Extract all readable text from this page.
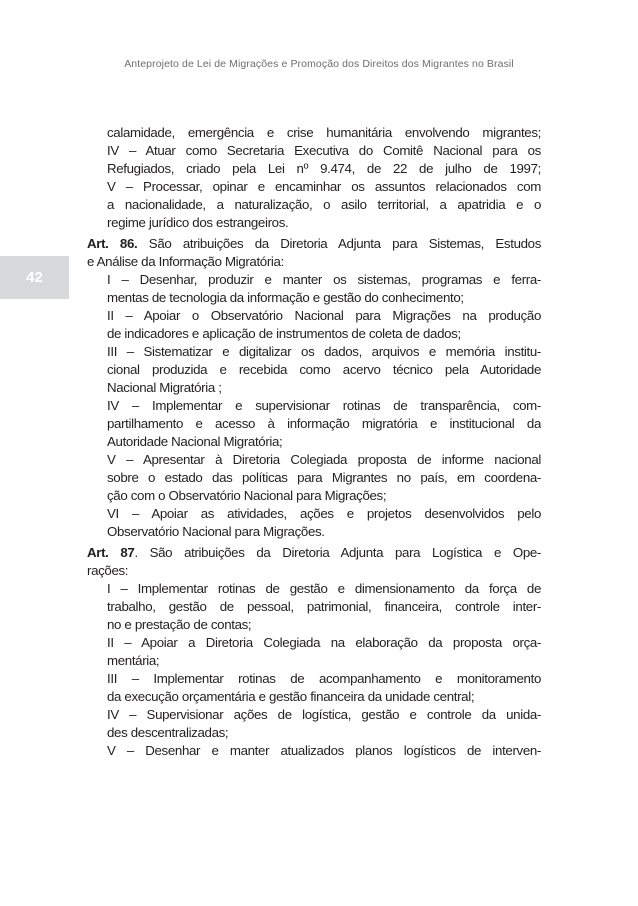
Anteprojeto de Lei de Migrações e Promoção dos Direitos dos Migrantes no Brasil
42
calamidade, emergência e crise humanitária envolvendo migrantes;
IV – Atuar como Secretaria Executiva do Comitê Nacional para os
Refugiados, criado pela Lei nº 9.474, de 22 de julho de 1997;
V – Processar, opinar e encaminhar os assuntos relacionados com
a nacionalidade, a naturalização, o asilo territorial, a apatridia e o
regime jurídico dos estrangeiros.
Art. 86. São atribuições da Diretoria Adjunta para Sistemas, Estudos
e Análise da Informação Migratória:
I – Desenhar, produzir e manter os sistemas, programas e ferra-
mentas de tecnologia da informação e gestão do conhecimento;
II – Apoiar o Observatório Nacional para Migrações na produção
de indicadores e aplicação de instrumentos de coleta de dados;
III – Sistematizar e digitalizar os dados, arquivos e memória institu-
cional produzida e recebida como acervo técnico pela Autoridade
Nacional Migratória ;
IV – Implementar e supervisionar rotinas de transparência, com-
partilhamento e acesso à informação migratória e institucional da
Autoridade Nacional Migratória;
V – Apresentar à Diretoria Colegiada proposta de informe nacional
sobre o estado das políticas para Migrantes no país, em coordena-
ção com o Observatório Nacional para Migrações;
VI – Apoiar as atividades, ações e projetos desenvolvidos pelo
Observatório Nacional para Migrações.
Art. 87. São atribuições da Diretoria Adjunta para Logística e Ope-
rações:
I – Implementar rotinas de gestão e dimensionamento da força de
trabalho, gestão de pessoal, patrimonial, financeira, controle inter-
no e prestação de contas;
II – Apoiar a Diretoria Colegiada na elaboração da proposta orça-
mentária;
III – Implementar rotinas de acompanhamento e monitoramento
da execução orçamentária e gestão financeira da unidade central;
IV – Supervisionar ações de logística, gestão e controle da unida-
des descentralizadas;
V – Desenhar e manter atualizados planos logísticos de interven-
